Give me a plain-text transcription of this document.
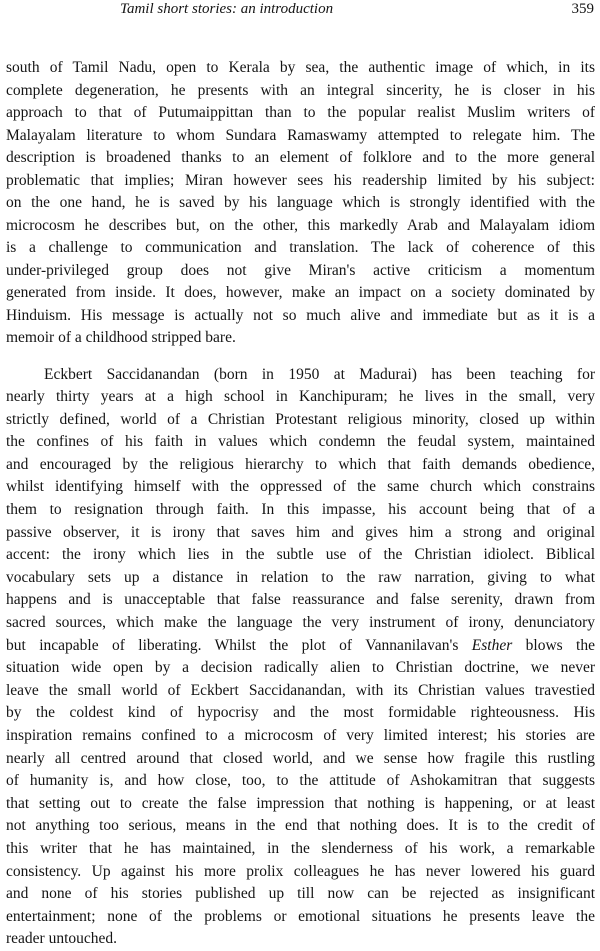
Tamil short stories: an introduction	359
south of Tamil Nadu, open to Kerala by sea, the authentic image of which, in its
complete degeneration, he presents with an integral sincerity, he is closer in his
approach to that of Putumaippittan than to the popular realist Muslim writers of
Malayalam literature to whom Sundara Ramaswamy attempted to relegate him. The
description is broadened thanks to an element of folklore and to the more general
problematic that implies; Miran however sees his readership limited by his subject:
on the one hand, he is saved by his language which is strongly identified with the
microcosm he describes but, on the other, this markedly Arab and Malayalam idiom
is a challenge to communication and translation. The lack of coherence of this
under-privileged group does not give Miran's active criticism a momentum
generated from inside. It does, however, make an impact on a society dominated by
Hinduism. His message is actually not so much alive and immediate but as it is a
memoir of a childhood stripped bare.
Eckbert Saccidanandan (born in 1950 at Madurai) has been teaching for
nearly thirty years at a high school in Kanchipuram; he lives in the small, very
strictly defined, world of a Christian Protestant religious minority, closed up within
the confines of his faith in values which condemn the feudal system, maintained
and encouraged by the religious hierarchy to which that faith demands obedience,
whilst identifying himself with the oppressed of the same church which constrains
them to resignation through faith. In this impasse, his account being that of a
passive observer, it is irony that saves him and gives him a strong and original
accent: the irony which lies in the subtle use of the Christian idiolect. Biblical
vocabulary sets up a distance in relation to the raw narration, giving to what
happens and is unacceptable that false reassurance and false serenity, drawn from
sacred sources, which make the language the very instrument of irony, denunciatory
but incapable of liberating. Whilst the plot of Vannanilavan's Esther blows the
situation wide open by a decision radically alien to Christian doctrine, we never
leave the small world of Eckbert Saccidanandan, with its Christian values travestied
by the coldest kind of hypocrisy and the most formidable righteousness. His
inspiration remains confined to a microcosm of very limited interest; his stories are
nearly all centred around that closed world, and we sense how fragile this rustling
of humanity is, and how close, too, to the attitude of Ashokamitran that suggests
that setting out to create the false impression that nothing is happening, or at least
not anything too serious, means in the end that nothing does. It is to the credit of
this writer that he has maintained, in the slenderness of his work, a remarkable
consistency. Up against his more prolix colleagues he has never lowered his guard
and none of his stories published up till now can be rejected as insignificant
entertainment; none of the problems or emotional situations he presents leave the
reader untouched.
